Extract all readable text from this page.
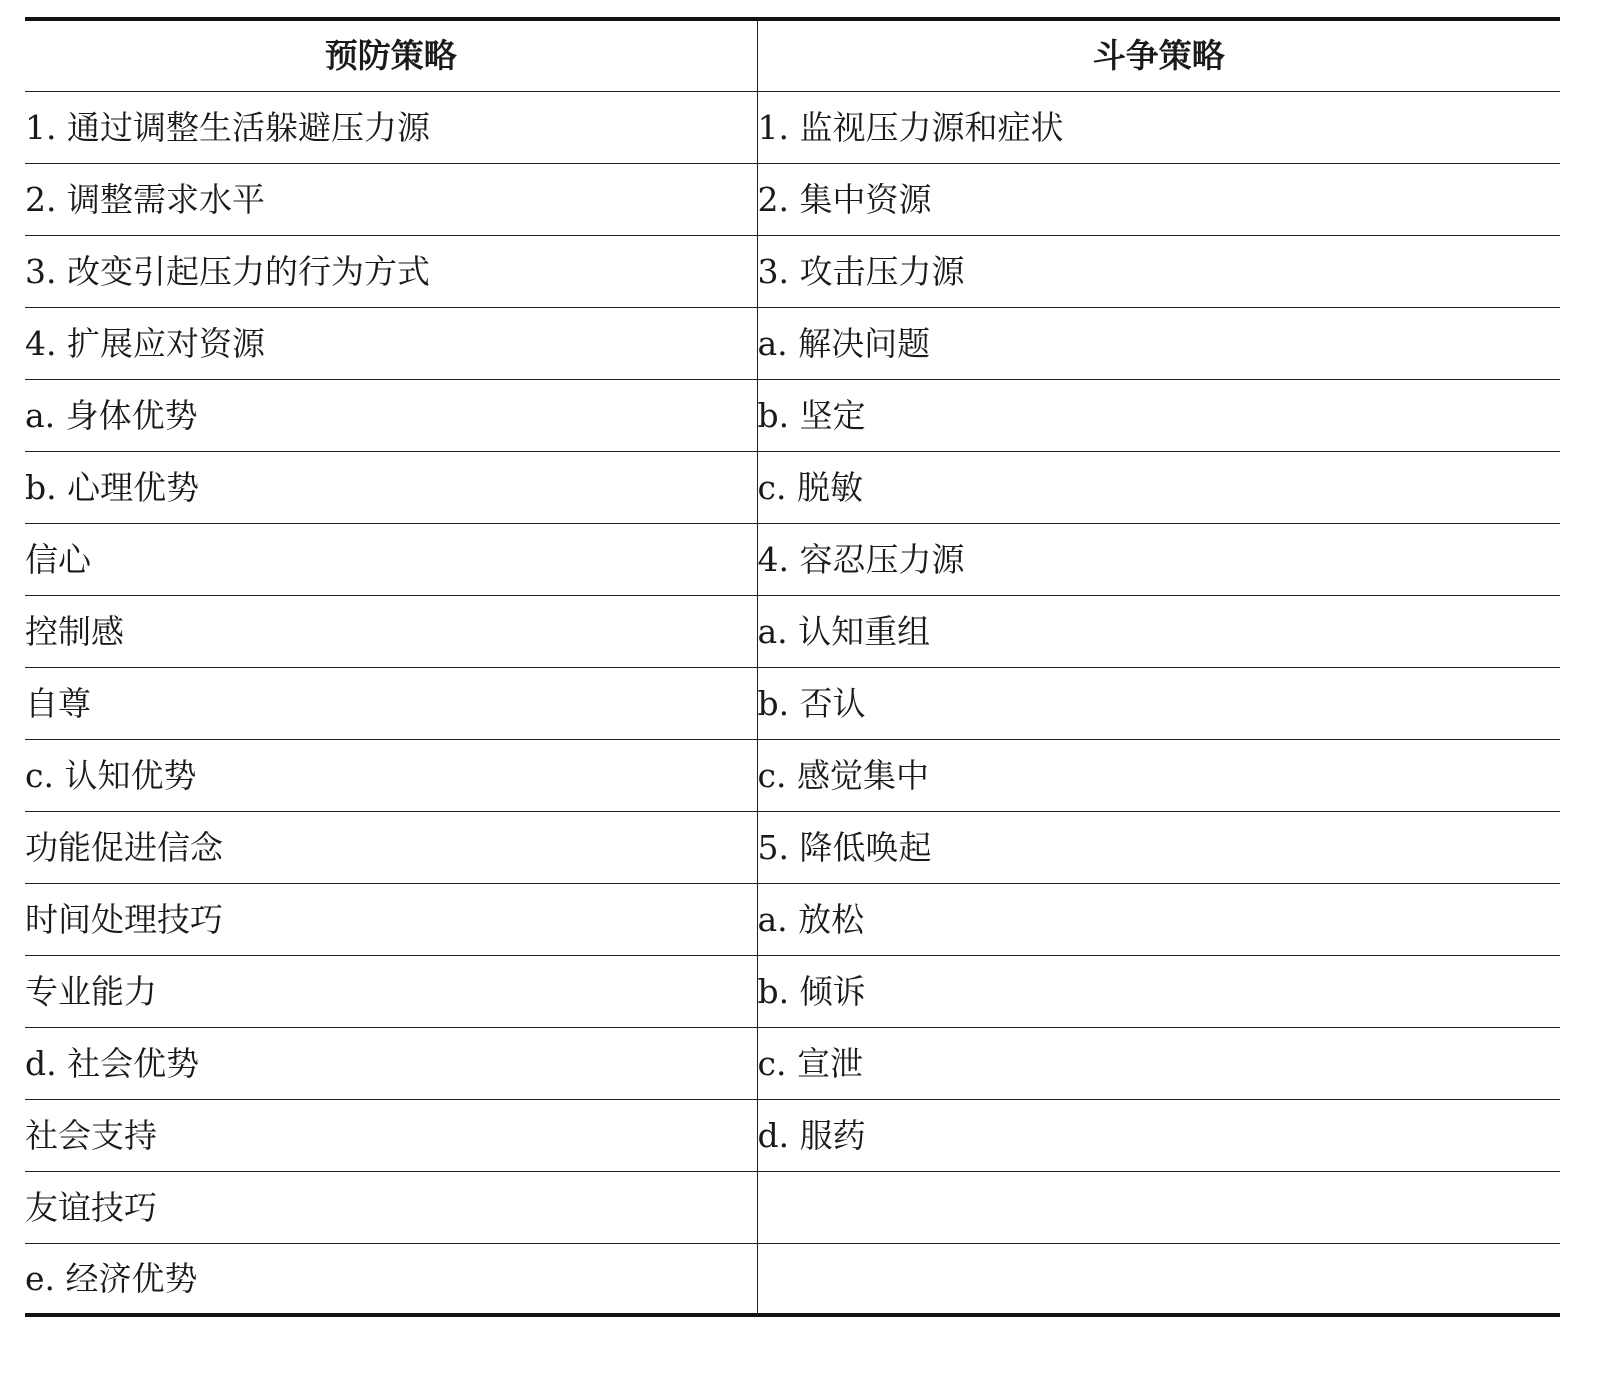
预防策略	斗争策略
1. 通过调整生活躲避压力源	1. 监视压力源和症状
2. 调整需求水平	2. 集中资源
3. 改变引起压力的行为方式	3. 攻击压力源
4. 扩展应对资源	a. 解决问题
a. 身体优势	b. 坚定
b. 心理优势	c. 脱敏
信心	4. 容忍压力源
控制感	a. 认知重组
自尊	b. 否认
c. 认知优势	c. 感觉集中
功能促进信念	5. 降低唤起
时间处理技巧	a. 放松
专业能力	b. 倾诉
d. 社会优势	c. 宣泄
社会支持	d. 服药
友谊技巧	
e. 经济优势	
